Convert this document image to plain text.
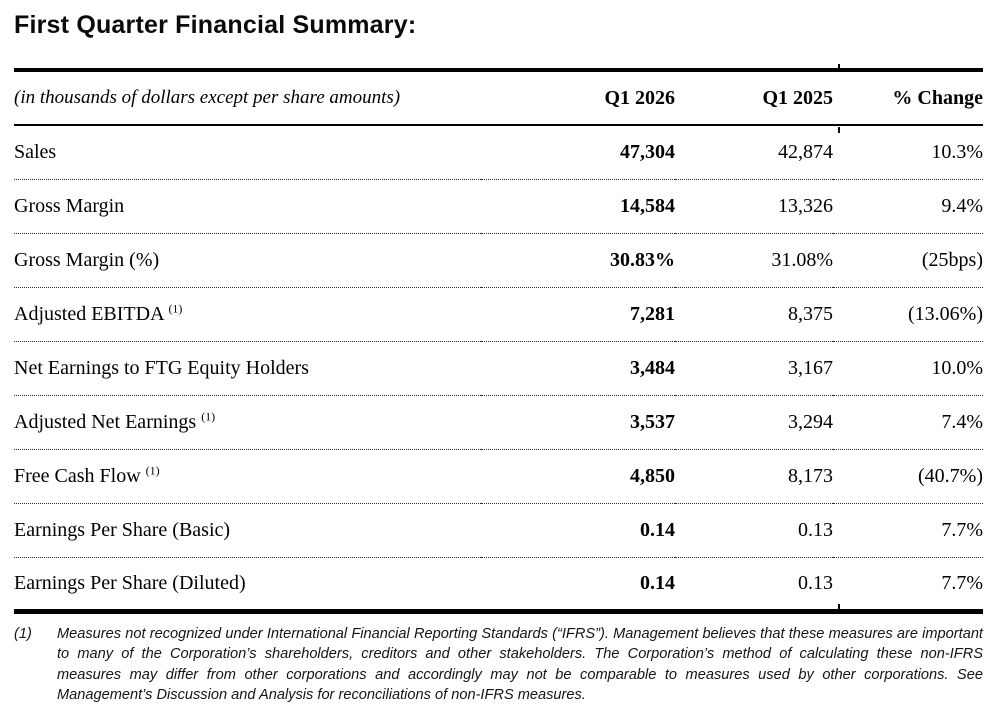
First Quarter Financial Summary:
(in thousands of dollars except per share amounts)	Q1 2026	Q1 2025	% Change
Sales	47,304	42,874	10.3%
Gross Margin	14,584	13,326	9.4%
Gross Margin (%)	30.83%	31.08%	(25bps)
Adjusted EBITDA $^{(1)}$	7,281	8,375	(13.06%)
Net Earnings to FTG Equity Holders	3,484	3,167	10.0%
Adjusted Net Earnings $^{(1)}$	3,537	3,294	7.4%
Free Cash Flow $^{(1)}$	4,850	8,173	(40.7%)
Earnings Per Share (Basic)	0.14	0.13	7.7%
Earnings Per Share (Diluted)	0.14	0.13	7.7%
(1)	Measures not recognized under International Financial Reporting Standards (“IFRS”). Management believes that these measures are important to many of the Corporation’s shareholders, creditors and other stakeholders. The Corporation’s method of calculating these non-IFRS measures may differ from other corporations and accordingly may not be comparable to measures used by other corporations. See Management’s Discussion and Analysis for reconciliations of non-IFRS measures.
